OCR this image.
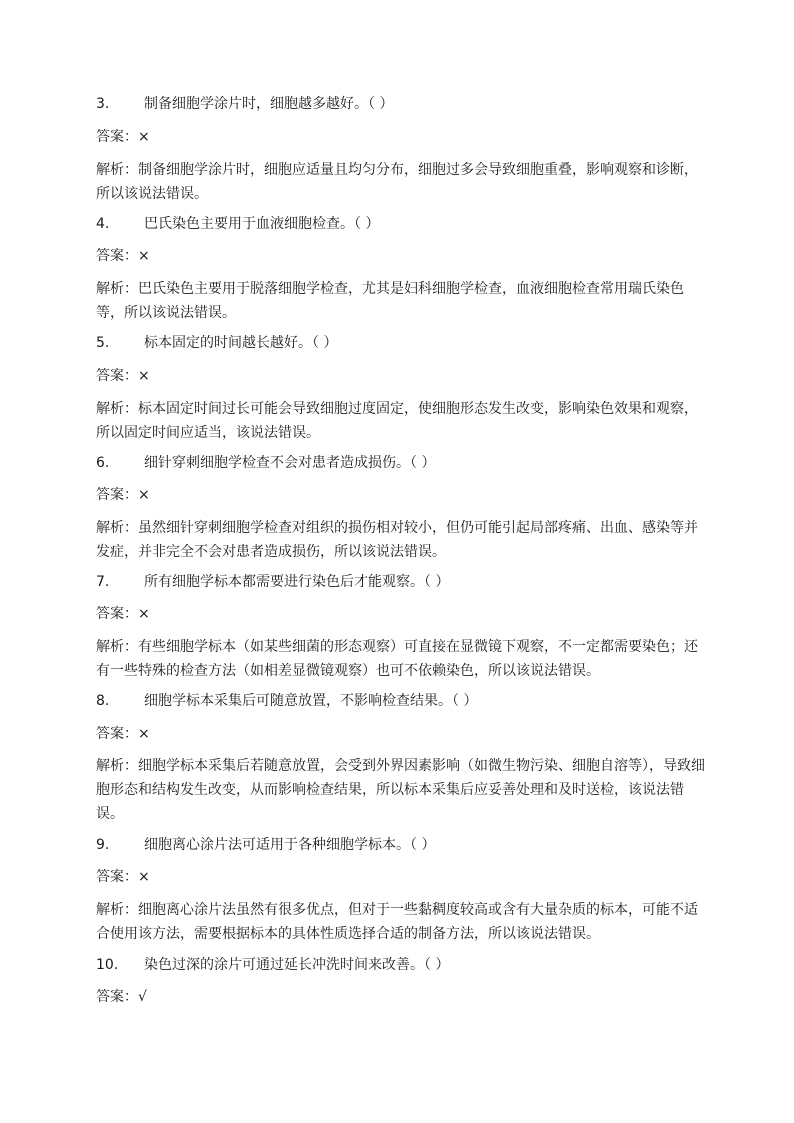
3. 制备细胞学涂片时，细胞越多越好。（ ）
答案：×
解析：制备细胞学涂片时，细胞应适量且均匀分布，细胞过多会导致细胞重叠，影响观察和诊断，所以该说法错误。
4. 巴氏染色主要用于血液细胞检查。（ ）
答案：×
解析：巴氏染色主要用于脱落细胞学检查，尤其是妇科细胞学检查，血液细胞检查常用瑞氏染色等，所以该说法错误。
5. 标本固定的时间越长越好。（ ）
答案：×
解析：标本固定时间过长可能会导致细胞过度固定，使细胞形态发生改变，影响染色效果和观察，所以固定时间应适当，该说法错误。
6. 细针穿刺细胞学检查不会对患者造成损伤。（ ）
答案：×
解析：虽然细针穿刺细胞学检查对组织的损伤相对较小，但仍可能引起局部疼痛、出血、感染等并发症，并非完全不会对患者造成损伤，所以该说法错误。
7. 所有细胞学标本都需要进行染色后才能观察。（ ）
答案：×
解析：有些细胞学标本（如某些细菌的形态观察）可直接在显微镜下观察，不一定都需要染色；还有一些特殊的检查方法（如相差显微镜观察）也可不依赖染色，所以该说法错误。
8. 细胞学标本采集后可随意放置，不影响检查结果。（ ）
答案：×
解析：细胞学标本采集后若随意放置，会受到外界因素影响（如微生物污染、细胞自溶等），导致细胞形态和结构发生改变，从而影响检查结果，所以标本采集后应妥善处理和及时送检，该说法错误。
9. 细胞离心涂片法可适用于各种细胞学标本。（ ）
答案：×
解析：细胞离心涂片法虽然有很多优点，但对于一些黏稠度较高或含有大量杂质的标本，可能不适合使用该方法，需要根据标本的具体性质选择合适的制备方法，所以该说法错误。
10. 染色过深的涂片可通过延长冲洗时间来改善。（ ）
答案：√
